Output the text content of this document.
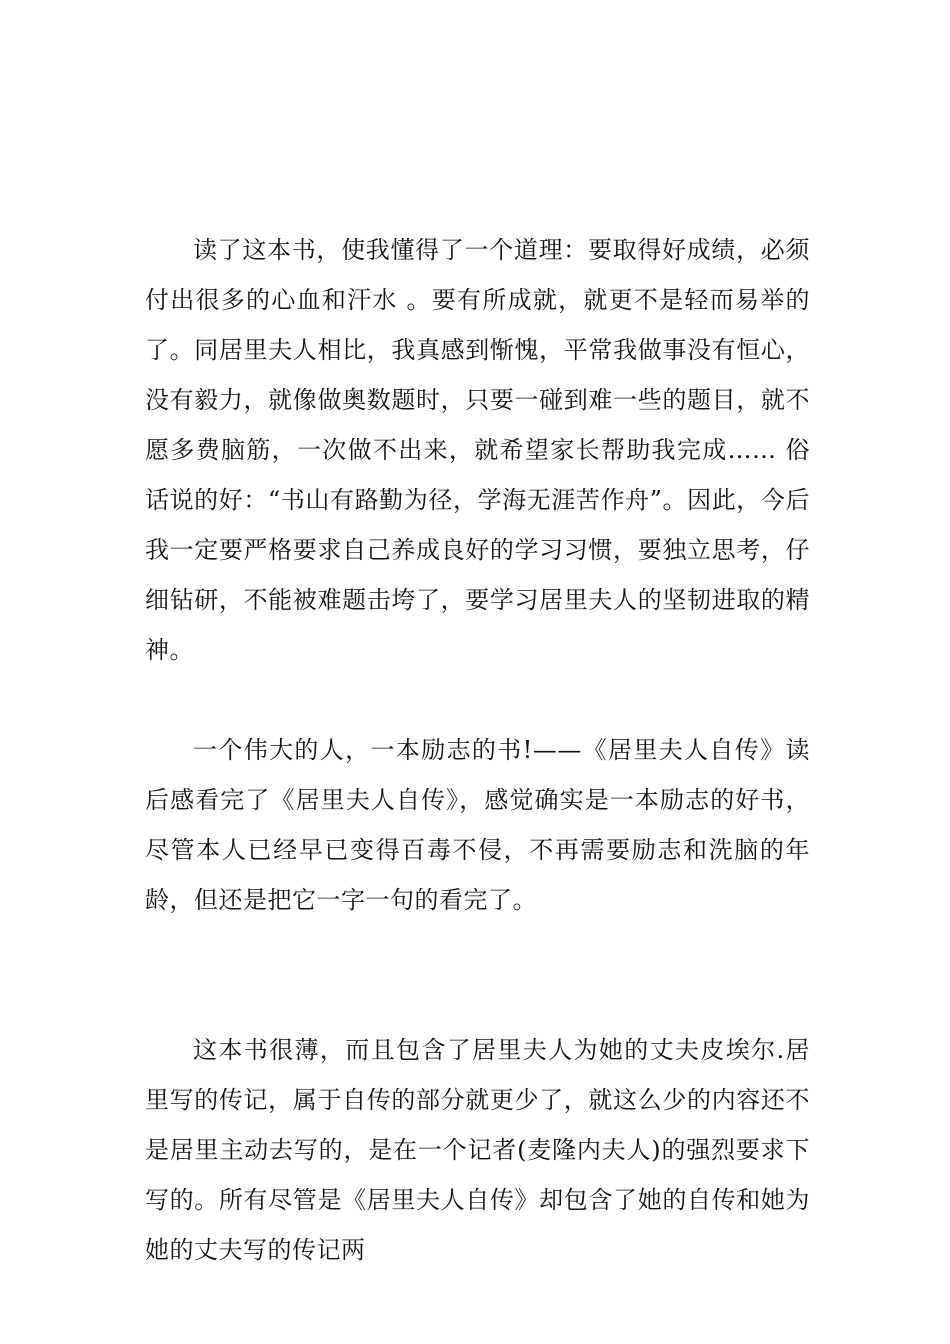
读了这本书，使我懂得了一个道理：要取得好成绩，必须付出很多的心血和汗水 。要有所成就，就更不是轻而易举的了。同居里夫人相比，我真感到惭愧，平常我做事没有恒心，没有毅力，就像做奥数题时，只要一碰到难一些的题目，就不愿多费脑筋，一次做不出来，就希望家长帮助我完成…… 俗话说的好：“书山有路勤为径，学海无涯苦作舟”。因此，今后我一定要严格要求自己养成良好的学习习惯，要独立思考，仔细钻研，不能被难题击垮了，要学习居里夫人的坚韧进取的精神。

一个伟大的人，一本励志的书!——《居里夫人自传》读后感看完了《居里夫人自传》，感觉确实是一本励志的好书，尽管本人已经早已变得百毒不侵，不再需要励志和洗脑的年龄，但还是把它一字一句的看完了。

这本书很薄，而且包含了居里夫人为她的丈夫皮埃尔.居里写的传记，属于自传的部分就更少了，就这么少的内容还不是居里主动去写的，是在一个记者(麦隆内夫人)的强烈要求下写的。所有尽管是《居里夫人自传》却包含了她的自传和她为她的丈夫写的传记两
